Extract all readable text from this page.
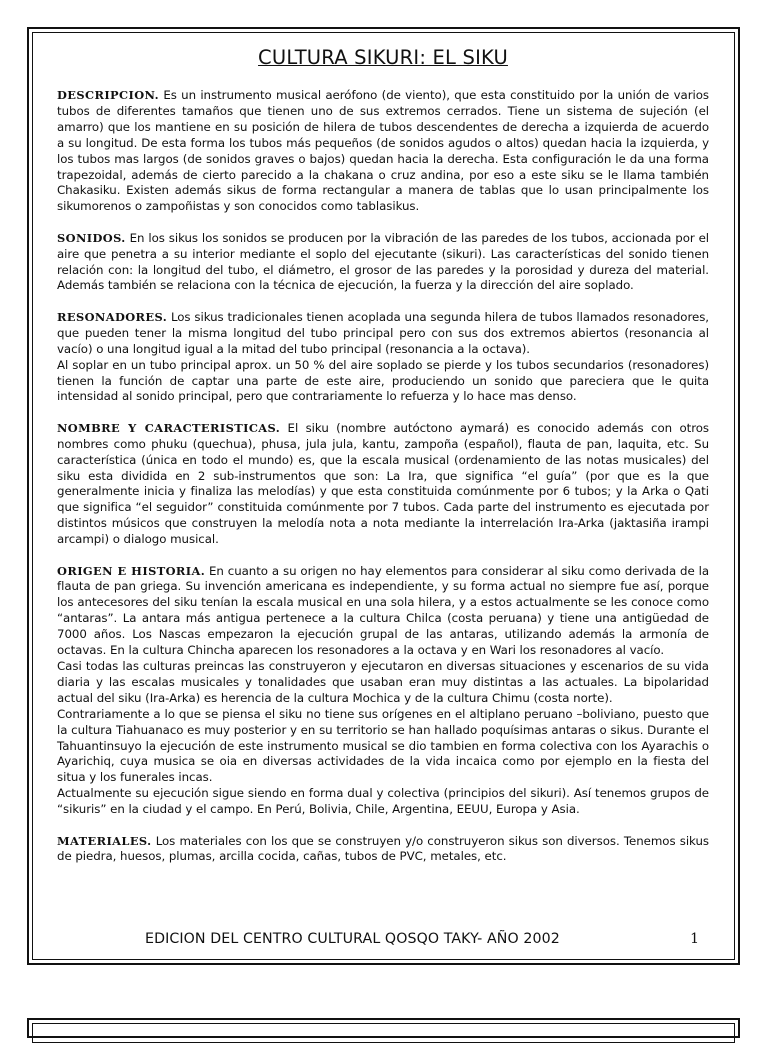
CULTURA SIKURI: EL SIKU

DESCRIPCION. Es un instrumento musical aerófono (de viento), que esta constituido por la unión de varios tubos de diferentes tamaños que tienen uno de sus extremos cerrados. Tiene un sistema de sujeción (el amarro) que los mantiene en su posición de hilera de tubos descendentes de derecha a izquierda de acuerdo a su longitud. De esta forma los tubos más pequeños (de sonidos agudos o altos) quedan hacia la izquierda, y los tubos mas largos (de sonidos graves o bajos) quedan hacia la derecha. Esta configuración le da una forma trapezoidal, además de cierto parecido a la chakana o cruz andina, por eso a este siku se le llama también Chakasiku. Existen además sikus de forma rectangular a manera de tablas que lo usan principalmente los sikumorenos o zampoñistas y son conocidos como tablasikus.

SONIDOS. En los sikus los sonidos se producen por la vibración de las paredes de los tubos, accionada por el aire que penetra a su interior mediante el soplo del ejecutante (sikuri). Las características del sonido tienen relación con: la longitud del tubo, el diámetro, el grosor de las paredes y la porosidad y dureza del material. Además también se relaciona con la técnica de ejecución, la fuerza y la dirección del aire soplado.

RESONADORES. Los sikus tradicionales tienen acoplada una segunda hilera de tubos llamados resonadores, que pueden tener la misma longitud del tubo principal pero con sus dos extremos abiertos (resonancia al vacío) o una longitud igual a la mitad del tubo principal (resonancia a la octava).

Al soplar en un tubo principal aprox. un 50 % del aire soplado se pierde y los tubos secundarios (resonadores) tienen la función de captar una parte de este aire, produciendo un sonido que pareciera que le quita intensidad al sonido principal, pero que contrariamente lo refuerza y lo hace mas denso.

NOMBRE Y CARACTERISTICAS. El siku (nombre autóctono aymará) es conocido además con otros nombres como phuku (quechua), phusa, jula jula, kantu, zampoña (español), flauta de pan, laquita, etc. Su característica (única en todo el mundo) es, que la escala musical (ordenamiento de las notas musicales) del siku esta dividida en 2 sub-instrumentos que son: La Ira, que significa “el guía” (por que es la que generalmente inicia y finaliza las melodías) y que esta constituida comúnmente por 6 tubos; y la Arka o Qati que significa “el seguidor” constituida comúnmente por 7 tubos. Cada parte del instrumento es ejecutada por distintos músicos que construyen la melodía nota a nota mediante la interrelación Ira-Arka (jaktasiña irampi arcampi) o dialogo musical.

ORIGEN E HISTORIA. En cuanto a su origen no hay elementos para considerar al siku como derivada de la flauta de pan griega. Su invención americana es independiente, y su forma actual no siempre fue así, porque los antecesores del siku tenían la escala musical en una sola hilera, y a estos actualmente se les conoce como “antaras”. La antara más antigua pertenece a la cultura Chilca (costa peruana) y tiene una antigüedad de 7000 años. Los Nascas empezaron la ejecución grupal de las antaras, utilizando además la armonía de octavas. En la cultura Chincha aparecen los resonadores a la octava y en Wari los resonadores al vacío.

Casi todas las culturas preincas las construyeron y ejecutaron en diversas situaciones y escenarios de su vida diaria y las escalas musicales y tonalidades que usaban eran muy distintas a las actuales. La bipolaridad actual del siku (Ira-Arka) es herencia de la cultura Mochica y de la cultura Chimu (costa norte).

Contrariamente a lo que se piensa el siku no tiene sus orígenes en el altiplano peruano –boliviano, puesto que la cultura Tiahuanaco es muy posterior y en su territorio se han hallado poquísimas antaras o sikus. Durante el Tahuantinsuyo la ejecución de este instrumento musical se dio tambien en forma colectiva con los Ayarachis o Ayarichiq, cuya musica se oia en diversas actividades de la vida incaica como por ejemplo en la fiesta del situa y los funerales incas.

Actualmente su ejecución sigue siendo en forma dual y colectiva (principios del sikuri). Así tenemos grupos de “sikuris” en la ciudad y el campo. En Perú, Bolivia, Chile, Argentina, EEUU, Europa y Asia.

MATERIALES. Los materiales con los que se construyen y/o construyeron sikus son diversos. Tenemos sikus de piedra, huesos, plumas, arcilla cocida, cañas, tubos de PVC, metales, etc.

EDICION DEL CENTRO CULTURAL QOSQO TAKY- AÑO 2002	1
